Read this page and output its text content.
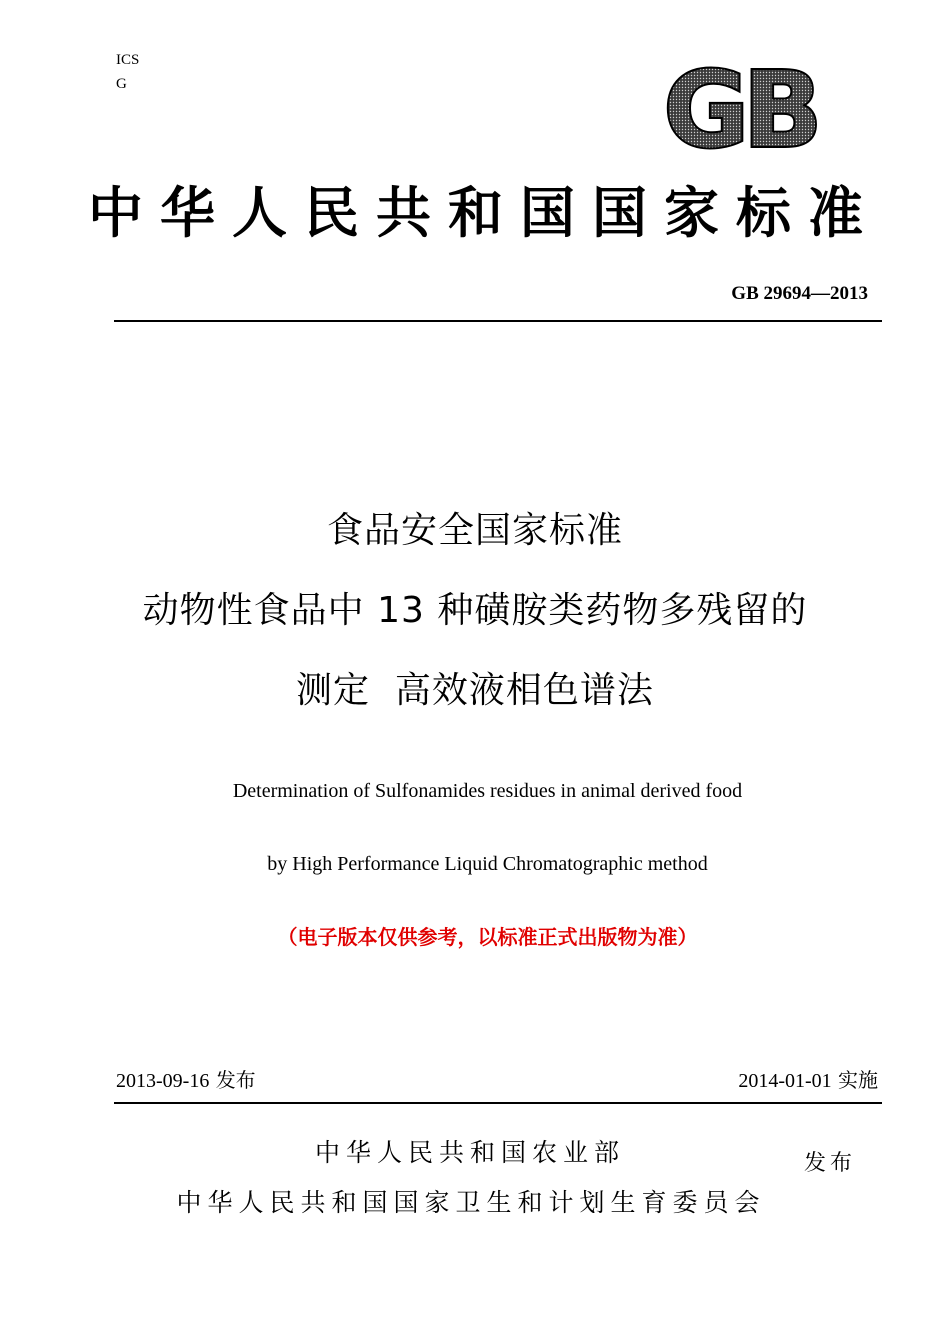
ICS
G	GB
中华人民共和国国家标准
GB 29694—2013
食品安全国家标准
动物性食品中 13 种磺胺类药物多残留的
测定  高效液相色谱法
Determination of Sulfonamides residues in animal derived food
by High Performance Liquid Chromatographic method
（电子版本仅供参考，以标准正式出版物为准）
2013-09-16 发布	2014-01-01 实施
中华人民共和国农业部	发布
中华人民共和国国家卫生和计划生育委员会
